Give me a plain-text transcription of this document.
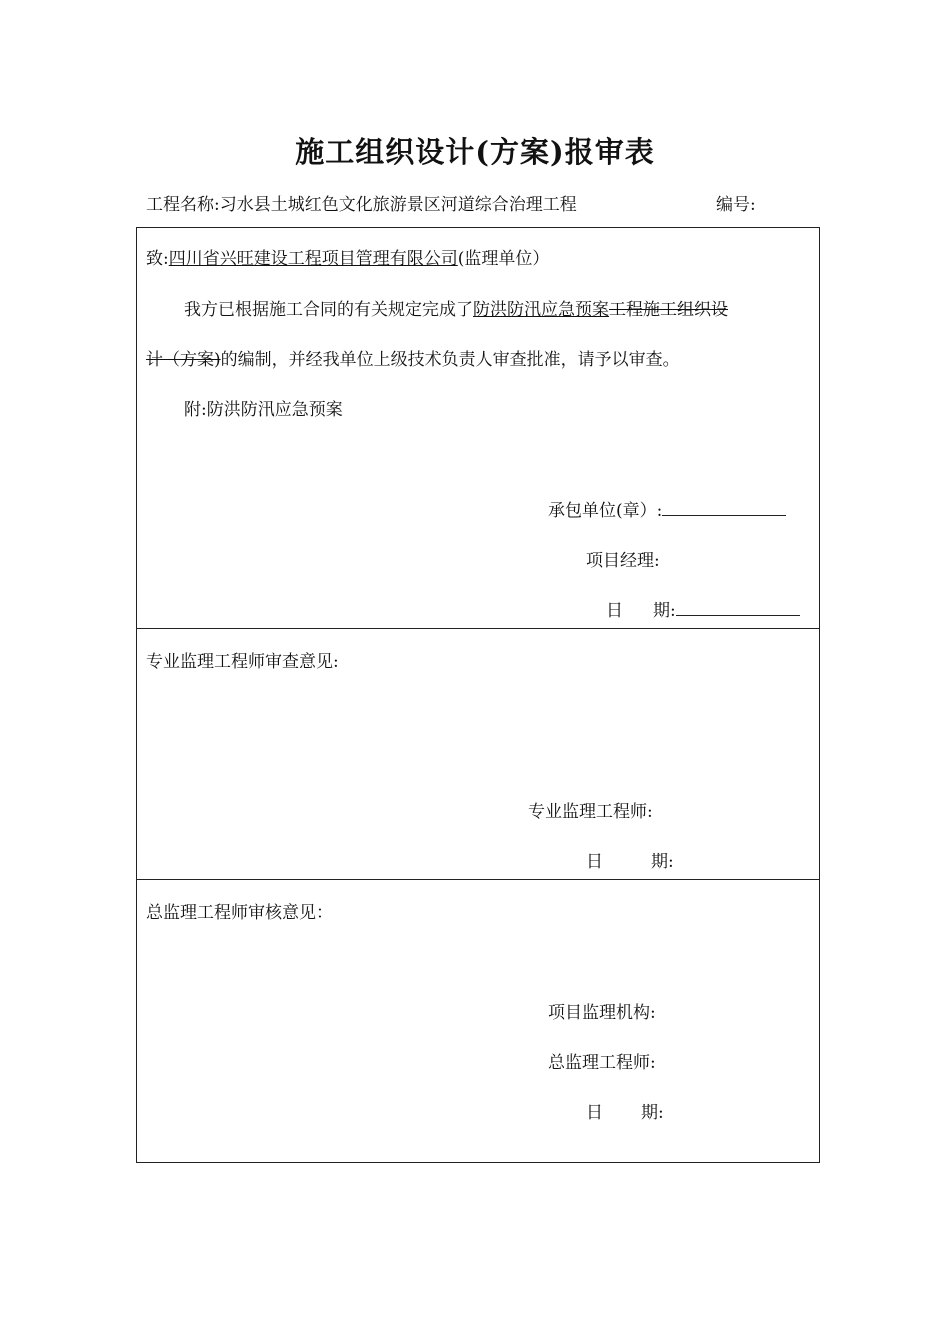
施工组织设计(方案)报审表
工程名称:习水县土城红色文化旅游景区河道综合治理工程	编号:
致:四川省兴旺建设工程项目管理有限公司(监理单位）
我方已根据施工合同的有关规定完成了防洪防汛应急预案工程施工组织设
计（方案)的编制，并经我单位上级技术负责人审查批准，请予以审查。
附:防洪防汛应急预案
承包单位(章）:
项目经理:
日 期:
专业监理工程师审查意见:
专业监理工程师:
日	期:
总监理工程师审核意见：
项目监理机构:
总监理工程师:
日 期:
